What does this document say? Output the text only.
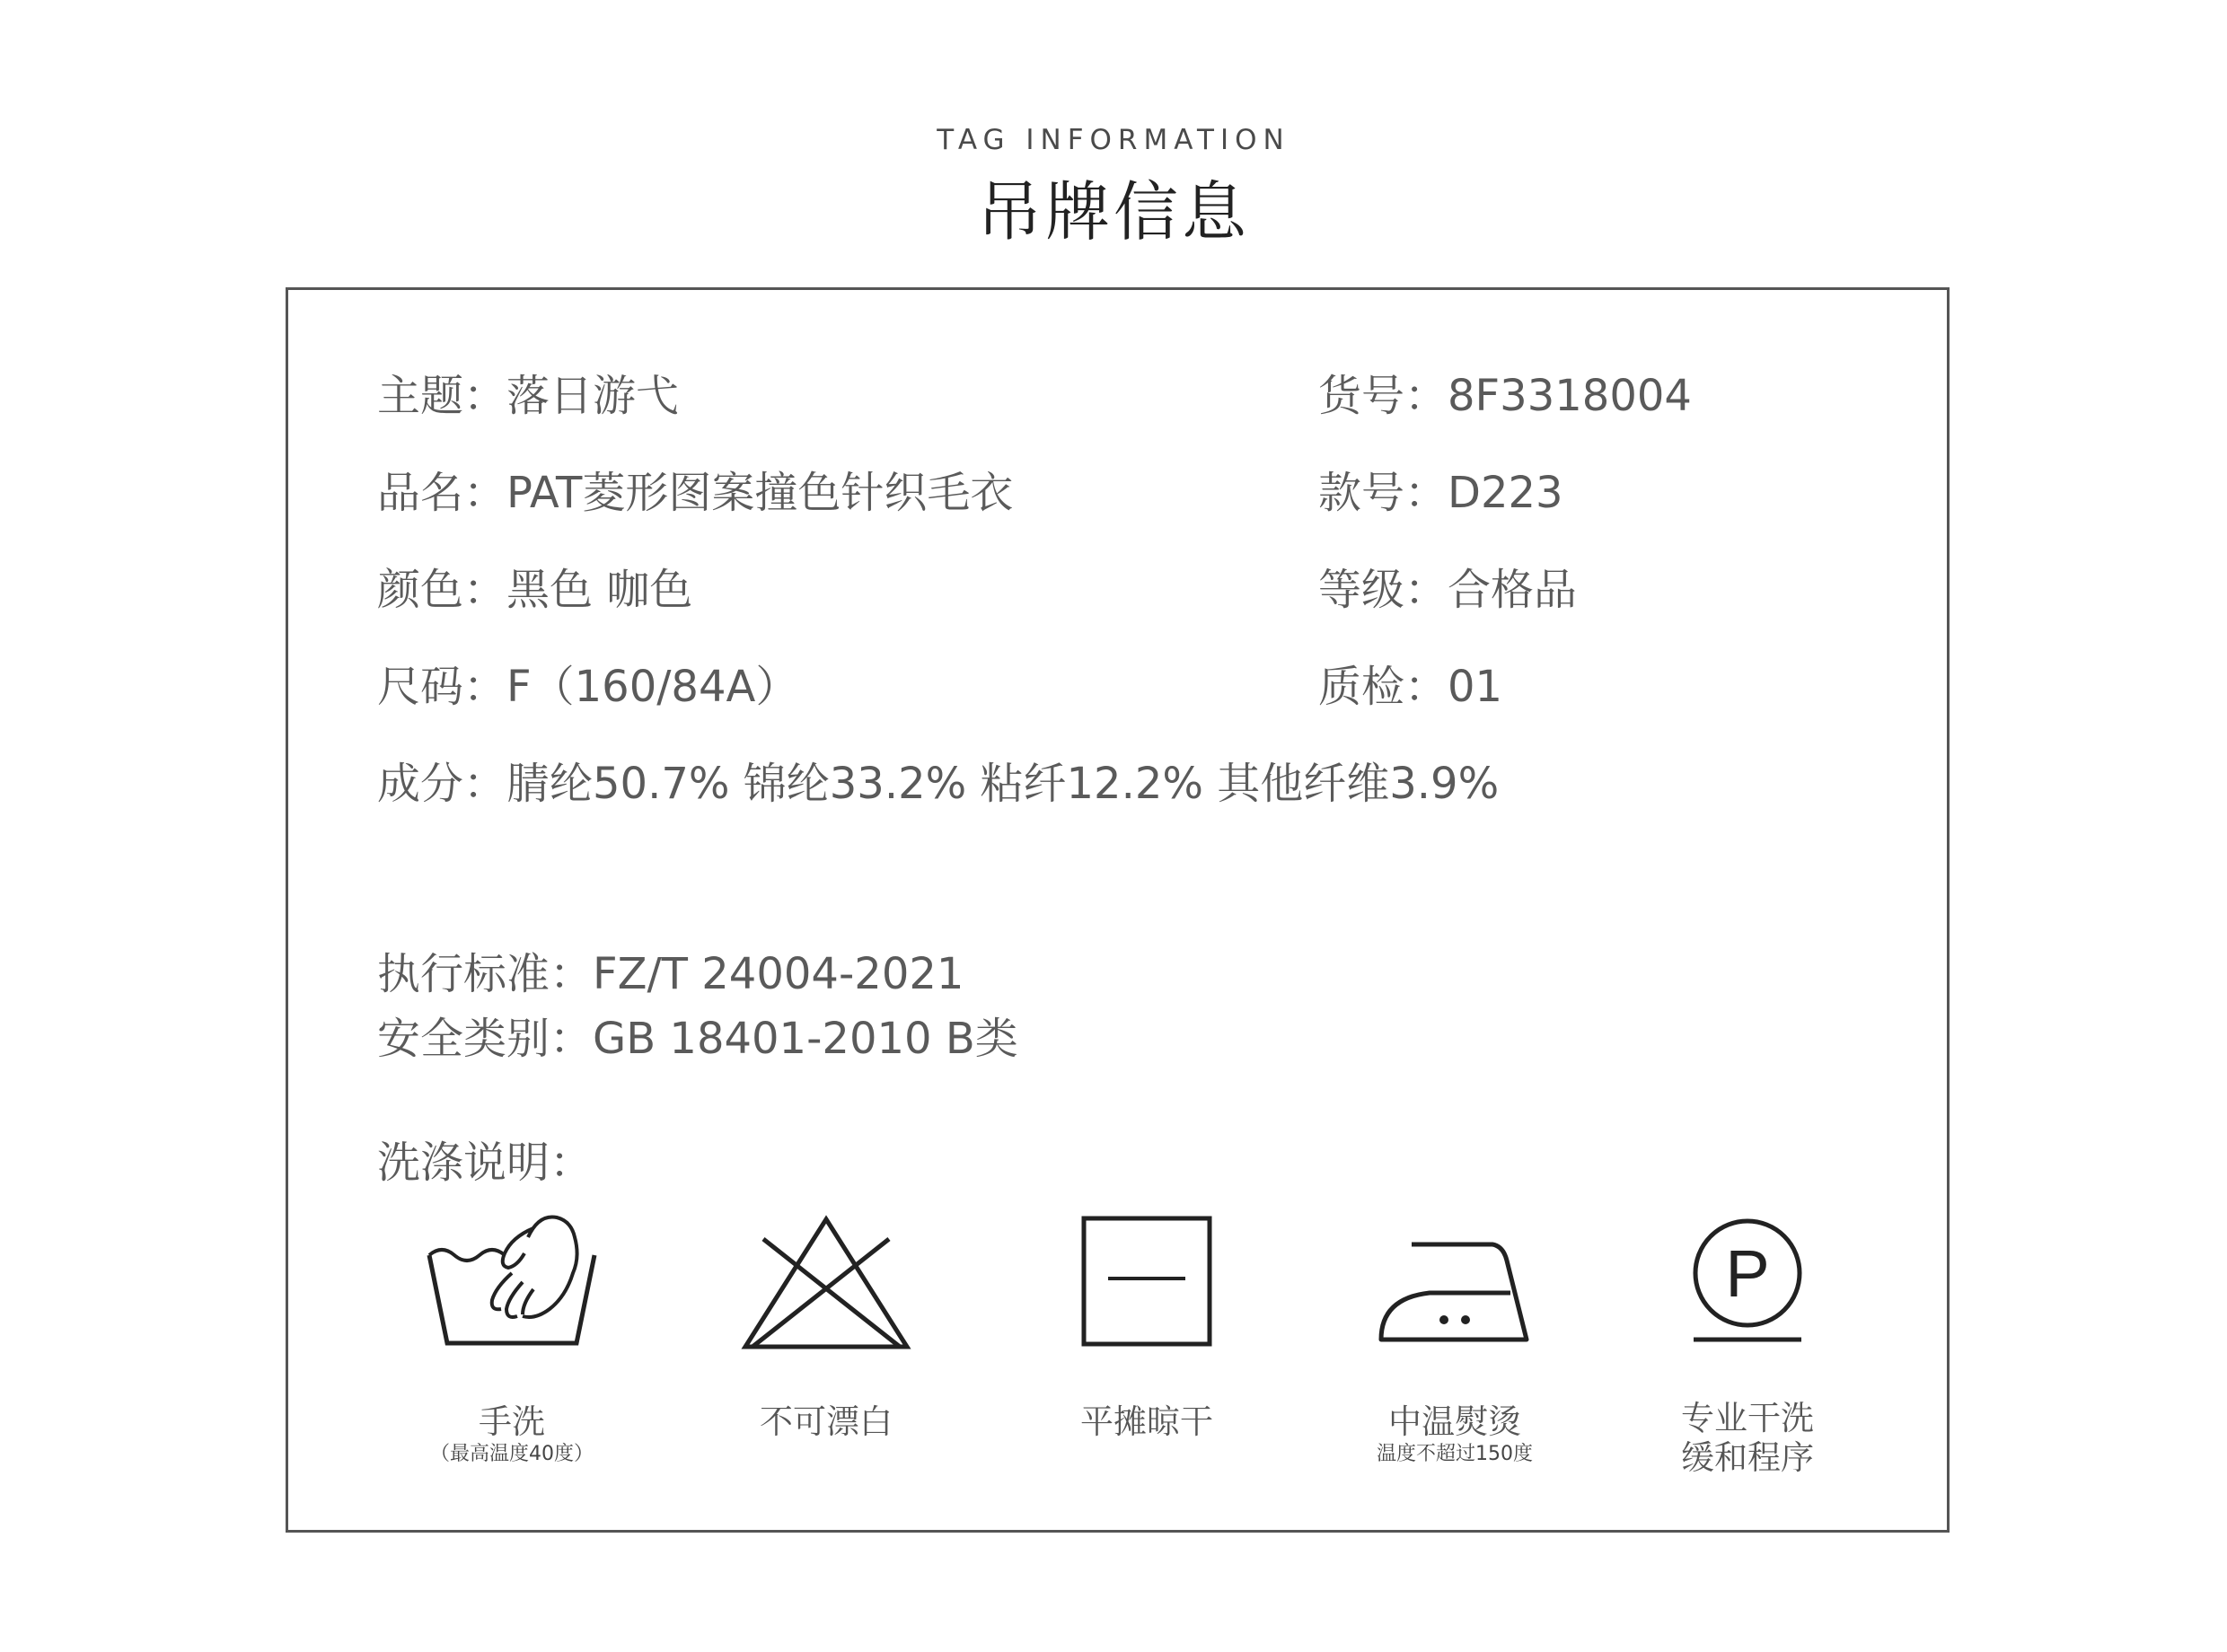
TAG INFORMATION
吊牌信息
主题：落日游弋
品名：PAT菱形图案撞色针织毛衣
颜色：黑色 咖色
尺码：F（160/84A）
成分：腈纶50.7% 锦纶33.2% 粘纤12.2% 其他纤维3.9%
货号：8F3318004
款号：D223
等级：合格品
质检：01
执行标准：FZ/T 24004-2021
安全类别：GB 18401-2010 B类
洗涤说明：
手洗
（最高温度40度）
不可漂白	平摊晾干	中温熨烫
温度不超过150度
P
专业干洗
缓和程序
